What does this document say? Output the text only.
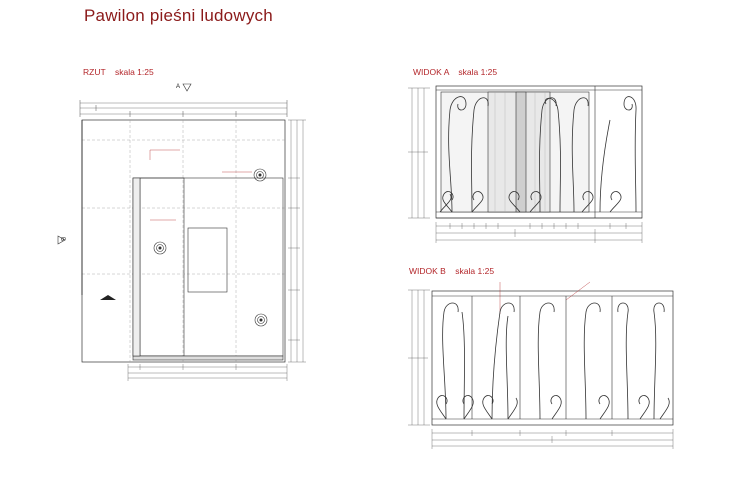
Pawilon pieśni ludowych
RZUT skala 1:25	WIDOK A skala 1:25
WIDOK B skala 1:25
A
B
